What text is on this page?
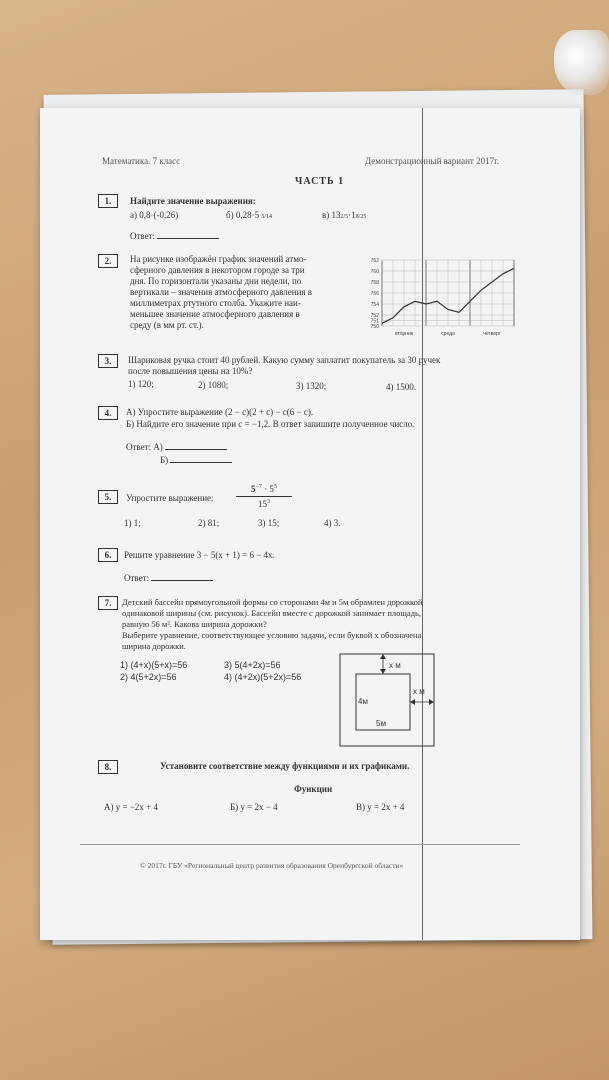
Математика. 7 класс	Демонстрационный вариант 2017г.
ЧАСТЬ 1
1.	Найдите значение выражения:
а) 0,8·(-0,26)	б) 0,28·5 5/14	в) 132/5·18/25
Ответ:
2.	На рисунке изображён график значений атмо-
сферного давления в некотором городе за три
дня. По горизонтали указаны дни недели, по
вертикали – значения атмосферного давления в
миллиметрах ртутного столба. Укажите наи-
меньшее значение атмосферного давления в
среду (в мм рт. ст.).	750
751
752
754
756
758
760
762
вторник	среда	четверг
3.	Шариковая ручка стоит 40 рублей. Какую сумму заплатит покупатель за 30 ручек
после повышения цены на 10%?
1) 120;	2) 1080;	3) 1320;	4) 1500.
4.	А) Упростите выражение (2 − c)(2 + c) − c(6 − c).
Б) Найдите его значение при c = −1,2. В ответ запишите полученное число.
Ответ: А)
Б)
5.	Упростите выражение:
$5^{-7} \cdot 5^5$
$15^3$
1) 1;	2) 81;	3) 15;	4) 3.
6.	Решите уравнение 3 − 5(x + 1) = 6 − 4x.
Ответ:
7.	Детский бассейн прямоугольной формы со сторонами 4м и 5м обрамлен дорожкой
одинаковой ширины (см. рисунок). Бассейн вместе с дорожкой занимает площадь,
равную 56 м². Какова ширина дорожки?
Выберите уравнение, соответствующее условию задачи, если буквой x обозначена
ширина дорожки.
1) (4+x)(5+x)=56
2) 4(5+2x)=56
3) 5(4+2x)=56
4) (4+2x)(5+2x)=56
x м
x м
4м
5м
8.	Установите соответствие между функциями и их графиками.
Функции
А) y = −2x + 4	Б) y = 2x − 4	В) y = 2x + 4
© 2017г. ГБУ «Региональный центр развития образования Оренбургской области»
